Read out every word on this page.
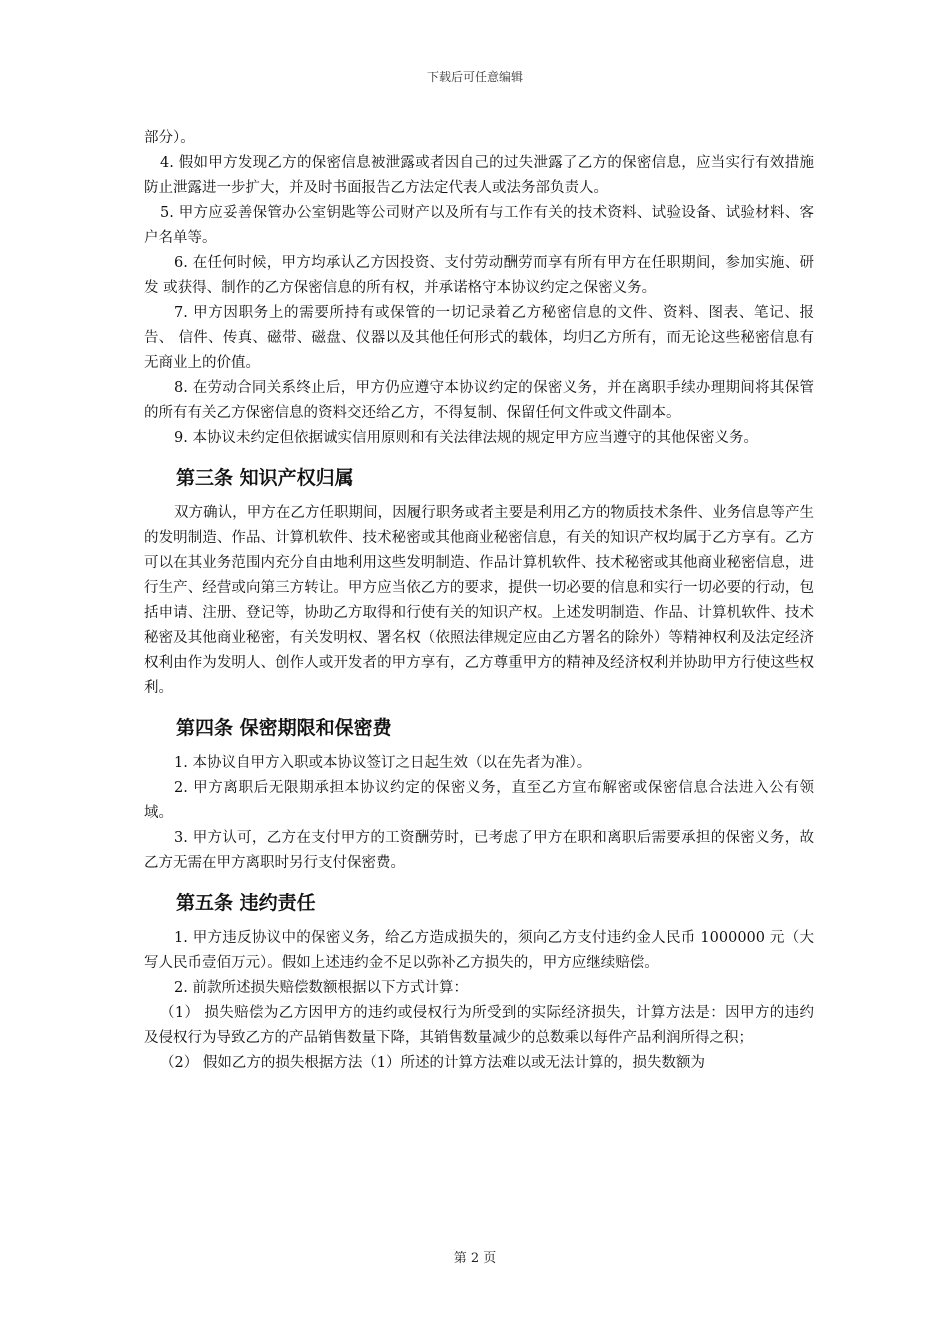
下载后可任意编辑

部分）。

4. 假如甲方发现乙方的保密信息被泄露或者因自己的过失泄露了乙方的保密信息，应当实行有效措施 防止泄露进一步扩大，并及时书面报告乙方法定代表人或法务部负责人。

5. 甲方应妥善保管办公室钥匙等公司财产以及所有与工作有关的技术资料、试验设备、试验材料、客 户名单等。

6. 在任何时候，甲方均承认乙方因投资、支付劳动酬劳而享有所有甲方在任职期间，参加实施、研发 或获得、制作的乙方保密信息的所有权，并承诺格守本协议约定之保密义务。

7. 甲方因职务上的需要所持有或保管的一切记录着乙方秘密信息的文件、资料、图表、笔记、报告、 信件、传真、磁带、磁盘、仪器以及其他任何形式的载体，均归乙方所有，而无论这些秘密信息有无商业上的价值。

8. 在劳动合同关系终止后，甲方仍应遵守本协议约定的保密义务，并在离职手续办理期间将其保管的所有有关乙方保密信息的资料交还给乙方，不得复制、保留任何文件或文件副本。

9. 本协议未约定但依据诚实信用原则和有关法律法规的规定甲方应当遵守的其他保密义务。

第三条 知识产权归属

双方确认，甲方在乙方任职期间，因履行职务或者主要是利用乙方的物质技术条件、业务信息等产生的发明制造、作品、计算机软件、技术秘密或其他商业秘密信息，有关的知识产权均属于乙方享有。乙方可以在其业务范围内充分自由地利用这些发明制造、作品计算机软件、技术秘密或其他商业秘密信息，进行生产、经营或向第三方转让。甲方应当依乙方的要求，提供一切必要的信息和实行一切必要的行动，包括申请、注册、登记等，协助乙方取得和行使有关的知识产权。上述发明制造、作品、计算机软件、技术秘密及其他商业秘密，有关发明权、署名权（依照法律规定应由乙方署名的除外）等精神权利及法定经济权利由作为发明人、创作人或开发者的甲方享有，乙方尊重甲方的精神及经济权利并协助甲方行使这些权利。

第四条 保密期限和保密费

1. 本协议自甲方入职或本协议签订之日起生效（以在先者为准）。

2. 甲方离职后无限期承担本协议约定的保密义务，直至乙方宣布解密或保密信息合法进入公有领域。

3. 甲方认可，乙方在支付甲方的工资酬劳时，已考虑了甲方在职和离职后需要承担的保密义务，故乙方无需在甲方离职时另行支付保密费。

第五条 违约责任

1. 甲方违反协议中的保密义务，给乙方造成损失的，须向乙方支付违约金人民币 1000000 元（大写人民币壹佰万元）。假如上述违约金不足以弥补乙方损失的，甲方应继续赔偿。

2. 前款所述损失赔偿数额根据以下方式计算：

（1） 损失赔偿为乙方因甲方的违约或侵权行为所受到的实际经济损失，计算方法是：因甲方的违约 及侵权行为导致乙方的产品销售数量下降，其销售数量减少的总数乘以每件产品利润所得之积；

（2） 假如乙方的损失根据方法（1）所述的计算方法难以或无法计算的，损失数额为

第 2 页
